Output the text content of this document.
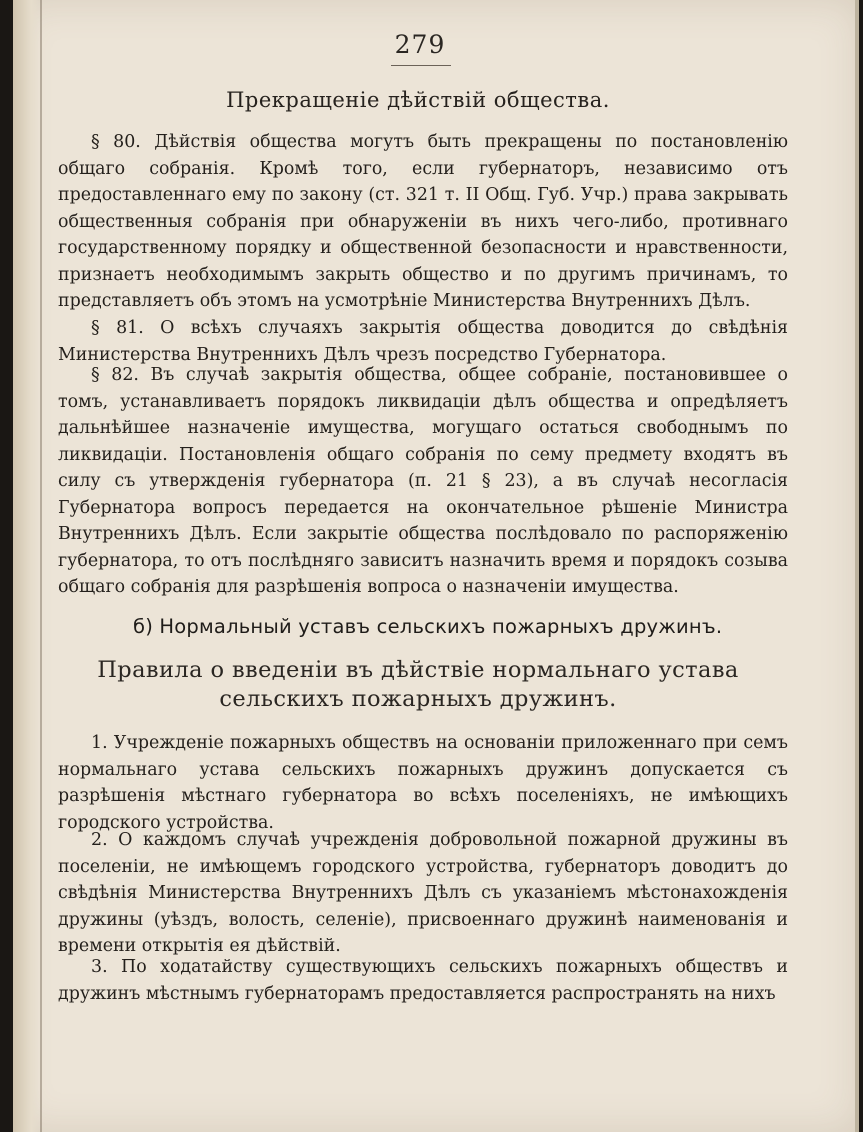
279
Прекращеніе дѣйствій общества.

§ 80. Дѣйствія общества могутъ быть прекращены по постановленію общаго собранія. Кромѣ того, если губернаторъ, независимо отъ предоставленнаго ему по закону (ст. 321 т. II Общ. Губ. Учр.) права закрывать общественныя собранія при обнаруженіи въ нихъ чего-либо, противнаго государственному порядку и общественной безопасности и нравственности, признаетъ необходимымъ закрыть общество и по другимъ причинамъ, то представляетъ объ этомъ на усмотрѣніе Министерства Внутреннихъ Дѣлъ.

§ 81. О всѣхъ случаяхъ закрытія общества доводится до свѣдѣнія Министерства Внутреннихъ Дѣлъ чрезъ посредство Губернатора.

§ 82. Въ случаѣ закрытія общества, общее собраніе, постановившее о томъ, устанавливаетъ порядокъ ликвидаціи дѣлъ общества и опредѣляетъ дальнѣйшее назначеніе имущества, могущаго остаться свободнымъ по ликвидаціи. Постановленія общаго собранія по сему предмету входятъ въ силу съ утвержденія губернатора (п. 21 § 23), а въ случаѣ несогласія Губернатора вопросъ передается на окончательное рѣшеніе Министра Внутреннихъ Дѣлъ. Если закрытіе общества послѣдовало по распоряженію губернатора, то отъ послѣдняго зависитъ назначить время и порядокъ созыва общаго собранія для разрѣшенія вопроса о назначеніи имущества.

б) Нормальный уставъ сельскихъ пожарныхъ дружинъ.
Правила о введеніи въ дѣйствіе нормальнаго устава
сельскихъ пожарныхъ дружинъ.

1. Учрежденіе пожарныхъ обществъ на основаніи приложеннаго при семъ нормальнаго устава сельскихъ пожарныхъ дружинъ допускается съ разрѣшенія мѣстнаго губернатора во всѣхъ поселеніяхъ, не имѣющихъ городского устройства.

2. О каждомъ случаѣ учрежденія добровольной пожарной дружины въ поселеніи, не имѣющемъ городского устройства, губернаторъ доводитъ до свѣдѣнія Министерства Внутреннихъ Дѣлъ съ указаніемъ мѣстонахожденія дружины (уѣздъ, волость, селеніе), присвоеннаго дружинѣ наименованія и времени открытія ея дѣйствій.

3. По ходатайству существующихъ сельскихъ пожарныхъ обществъ и дружинъ мѣстнымъ губернаторамъ предоставляется распространять на нихъ
